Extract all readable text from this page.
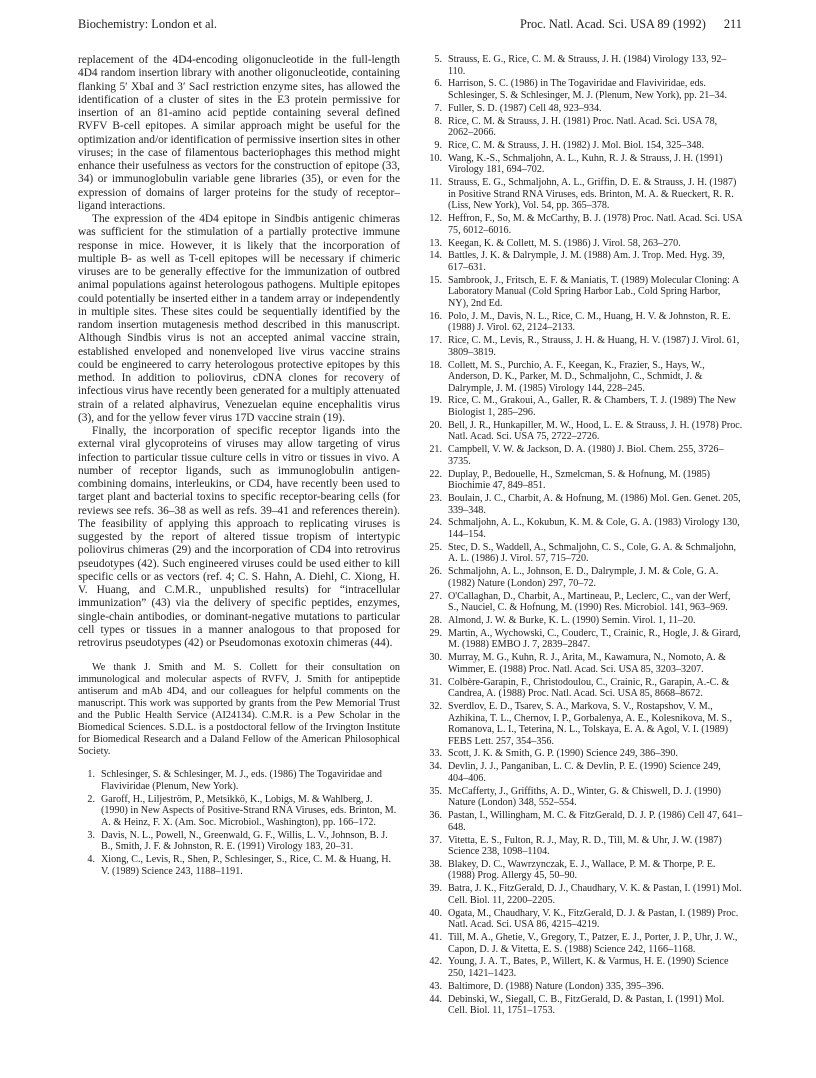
Biochemistry: London et al.	Proc. Natl. Acad. Sci. USA 89 (1992) 211

replacement of the 4D4-encoding oligonucleotide in the full-length 4D4 random insertion library with another oligonucleotide, containing flanking 5′ XbaI and 3′ SacI restriction enzyme sites, has allowed the identification of a cluster of sites in the E3 protein permissive for insertion of an 81-amino acid peptide containing several defined RVFV B-cell epitopes. A similar approach might be useful for the optimization and/or identification of permissive insertion sites in other viruses; in the case of filamentous bacteriophages this method might enhance their usefulness as vectors for the construction of epitope (33, 34) or immunoglobulin variable gene libraries (35), or even for the expression of domains of larger proteins for the study of receptor–ligand interactions.

The expression of the 4D4 epitope in Sindbis antigenic chimeras was sufficient for the stimulation of a partially protective immune response in mice. However, it is likely that the incorporation of multiple B- as well as T-cell epitopes will be necessary if chimeric viruses are to be generally effective for the immunization of outbred animal populations against heterologous pathogens. Multiple epitopes could potentially be inserted either in a tandem array or independently in multiple sites. These sites could be sequentially identified by the random insertion mutagenesis method described in this manuscript. Although Sindbis virus is not an accepted animal vaccine strain, established enveloped and nonenveloped live virus vaccine strains could be engineered to carry heterologous protective epitopes by this method. In addition to poliovirus, cDNA clones for recovery of infectious virus have recently been generated for a multiply attenuated strain of a related alphavirus, Venezuelan equine encephalitis virus (3), and for the yellow fever virus 17D vaccine strain (19).

Finally, the incorporation of specific receptor ligands into the external viral glycoproteins of viruses may allow targeting of virus infection to particular tissue culture cells in vitro or tissues in vivo. A number of receptor ligands, such as immunoglobulin antigen-combining domains, interleukins, or CD4, have recently been used to target plant and bacterial toxins to specific receptor-bearing cells (for reviews see refs. 36–38 as well as refs. 39–41 and references therein). The feasibility of applying this approach to replicating viruses is suggested by the report of altered tissue tropism of intertypic poliovirus chimeras (29) and the incorporation of CD4 into retrovirus pseudotypes (42). Such engineered viruses could be used either to kill specific cells or as vectors (ref. 4; C. S. Hahn, A. Diehl, C. Xiong, H. V. Huang, and C.M.R., unpublished results) for “intracellular immunization” (43) via the delivery of specific peptides, enzymes, single-chain antibodies, or dominant-negative mutations to particular cell types or tissues in a manner analogous to that proposed for retrovirus pseudotypes (42) or Pseudomonas exotoxin chimeras (44).

We thank J. Smith and M. S. Collett for their consultation on immunological and molecular aspects of RVFV, J. Smith for antipeptide antiserum and mAb 4D4, and our colleagues for helpful comments on the manuscript. This work was supported by grants from the Pew Memorial Trust and the Public Health Service (AI24134). C.M.R. is a Pew Scholar in the Biomedical Sciences. S.D.L. is a postdoctoral fellow of the Irvington Institute for Biomedical Research and a Daland Fellow of the American Philosophical Society.

1. Schlesinger, S. & Schlesinger, M. J., eds. (1986) The Togaviridae and Flaviviridae (Plenum, New York).
2. Garoff, H., Liljeström, P., Metsikkö, K., Lobigs, M. & Wahlberg, J. (1990) in New Aspects of Positive-Strand RNA Viruses, eds. Brinton, M. A. & Heinz, F. X. (Am. Soc. Microbiol., Washington), pp. 166–172.
3. Davis, N. L., Powell, N., Greenwald, G. F., Willis, L. V., Johnson, B. J. B., Smith, J. F. & Johnston, R. E. (1991) Virology 183, 20–31.
4. Xiong, C., Levis, R., Shen, P., Schlesinger, S., Rice, C. M. & Huang, H. V. (1989) Science 243, 1188–1191.
5. Strauss, E. G., Rice, C. M. & Strauss, J. H. (1984) Virology 133, 92–110.
6. Harrison, S. C. (1986) in The Togaviridae and Flaviviridae, eds. Schlesinger, S. & Schlesinger, M. J. (Plenum, New York), pp. 21–34.
7. Fuller, S. D. (1987) Cell 48, 923–934.
8. Rice, C. M. & Strauss, J. H. (1981) Proc. Natl. Acad. Sci. USA 78, 2062–2066.
9. Rice, C. M. & Strauss, J. H. (1982) J. Mol. Biol. 154, 325–348.
10. Wang, K.-S., Schmaljohn, A. L., Kuhn, R. J. & Strauss, J. H. (1991) Virology 181, 694–702.
11. Strauss, E. G., Schmaljohn, A. L., Griffin, D. E. & Strauss, J. H. (1987) in Positive Strand RNA Viruses, eds. Brinton, M. A. & Rueckert, R. R. (Liss, New York), Vol. 54, pp. 365–378.
12. Heffron, F., So, M. & McCarthy, B. J. (1978) Proc. Natl. Acad. Sci. USA 75, 6012–6016.
13. Keegan, K. & Collett, M. S. (1986) J. Virol. 58, 263–270.
14. Battles, J. K. & Dalrymple, J. M. (1988) Am. J. Trop. Med. Hyg. 39, 617–631.
15. Sambrook, J., Fritsch, E. F. & Maniatis, T. (1989) Molecular Cloning: A Laboratory Manual (Cold Spring Harbor Lab., Cold Spring Harbor, NY), 2nd Ed.
16. Polo, J. M., Davis, N. L., Rice, C. M., Huang, H. V. & Johnston, R. E. (1988) J. Virol. 62, 2124–2133.
17. Rice, C. M., Levis, R., Strauss, J. H. & Huang, H. V. (1987) J. Virol. 61, 3809–3819.
18. Collett, M. S., Purchio, A. F., Keegan, K., Frazier, S., Hays, W., Anderson, D. K., Parker, M. D., Schmaljohn, C., Schmidt, J. & Dalrymple, J. M. (1985) Virology 144, 228–245.
19. Rice, C. M., Grakoui, A., Galler, R. & Chambers, T. J. (1989) The New Biologist 1, 285–296.
20. Bell, J. R., Hunkapiller, M. W., Hood, L. E. & Strauss, J. H. (1978) Proc. Natl. Acad. Sci. USA 75, 2722–2726.
21. Campbell, V. W. & Jackson, D. A. (1980) J. Biol. Chem. 255, 3726–3735.
22. Duplay, P., Bedouelle, H., Szmelcman, S. & Hofnung, M. (1985) Biochimie 47, 849–851.
23. Boulain, J. C., Charbit, A. & Hofnung, M. (1986) Mol. Gen. Genet. 205, 339–348.
24. Schmaljohn, A. L., Kokubun, K. M. & Cole, G. A. (1983) Virology 130, 144–154.
25. Stec, D. S., Waddell, A., Schmaljohn, C. S., Cole, G. A. & Schmaljohn, A. L. (1986) J. Virol. 57, 715–720.
26. Schmaljohn, A. L., Johnson, E. D., Dalrymple, J. M. & Cole, G. A. (1982) Nature (London) 297, 70–72.
27. O'Callaghan, D., Charbit, A., Martineau, P., Leclerc, C., van der Werf, S., Nauciel, C. & Hofnung, M. (1990) Res. Microbiol. 141, 963–969.
28. Almond, J. W. & Burke, K. L. (1990) Semin. Virol. 1, 11–20.
29. Martin, A., Wychowski, C., Couderc, T., Crainic, R., Hogle, J. & Girard, M. (1988) EMBO J. 7, 2839–2847.
30. Murray, M. G., Kuhn, R. J., Arita, M., Kawamura, N., Nomoto, A. & Wimmer, E. (1988) Proc. Natl. Acad. Sci. USA 85, 3203–3207.
31. Colbère-Garapin, F., Christodoulou, C., Crainic, R., Garapin, A.-C. & Candrea, A. (1988) Proc. Natl. Acad. Sci. USA 85, 8668–8672.
32. Sverdlov, E. D., Tsarev, S. A., Markova, S. V., Rostapshov, V. M., Azhikina, T. L., Chernov, I. P., Gorbalenya, A. E., Kolesnikova, M. S., Romanova, L. I., Teterina, N. L., Tolskaya, E. A. & Agol, V. I. (1989) FEBS Lett. 257, 354–356.
33. Scott, J. K. & Smith, G. P. (1990) Science 249, 386–390.
34. Devlin, J. J., Panganiban, L. C. & Devlin, P. E. (1990) Science 249, 404–406.
35. McCafferty, J., Griffiths, A. D., Winter, G. & Chiswell, D. J. (1990) Nature (London) 348, 552–554.
36. Pastan, I., Willingham, M. C. & FitzGerald, D. J. P. (1986) Cell 47, 641–648.
37. Vitetta, E. S., Fulton, R. J., May, R. D., Till, M. & Uhr, J. W. (1987) Science 238, 1098–1104.
38. Blakey, D. C., Wawrzynczak, E. J., Wallace, P. M. & Thorpe, P. E. (1988) Prog. Allergy 45, 50–90.
39. Batra, J. K., FitzGerald, D. J., Chaudhary, V. K. & Pastan, I. (1991) Mol. Cell. Biol. 11, 2200–2205.
40. Ogata, M., Chaudhary, V. K., FitzGerald, D. J. & Pastan, I. (1989) Proc. Natl. Acad. Sci. USA 86, 4215–4219.
41. Till, M. A., Ghetie, V., Gregory, T., Patzer, E. J., Porter, J. P., Uhr, J. W., Capon, D. J. & Vitetta, E. S. (1988) Science 242, 1166–1168.
42. Young, J. A. T., Bates, P., Willert, K. & Varmus, H. E. (1990) Science 250, 1421–1423.
43. Baltimore, D. (1988) Nature (London) 335, 395–396.
44. Debinski, W., Siegall, C. B., FitzGerald, D. & Pastan, I. (1991) Mol. Cell. Biol. 11, 1751–1753.
